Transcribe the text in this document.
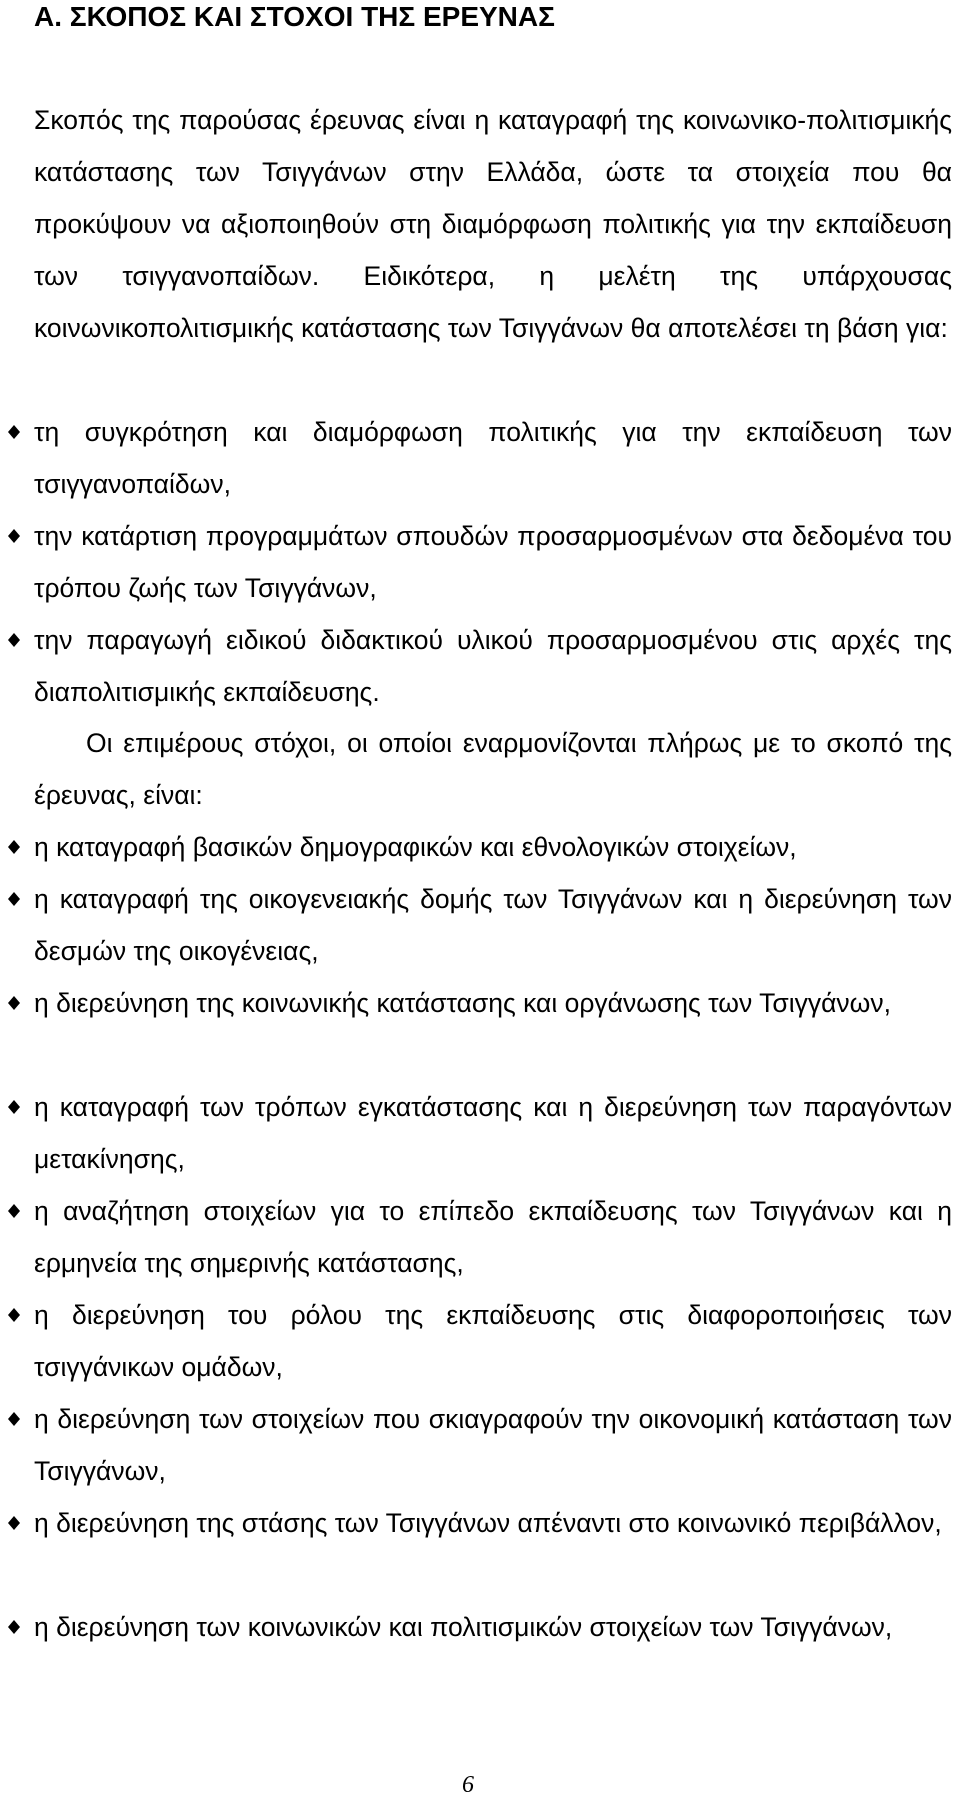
Α. ΣΚΟΠΟΣ ΚΑΙ ΣΤΟΧΟΙ ΤΗΣ ΕΡΕΥΝΑΣ

Σκοπός της παρούσας έρευνας είναι η καταγραφή της κοινωνικο-πολιτισμικής κατάστασης των Τσιγγάνων στην Ελλάδα, ώστε τα στοιχεία που θα προκύψουν να αξιοποιηθούν στη διαμόρφωση πολιτικής για την εκπαίδευση των τσιγγανοπαίδων. Ειδικότερα, η μελέτη της υπάρχουσας κοινωνικοπολιτισμικής κατάστασης των Τσιγγάνων θα αποτελέσει τη βάση για:

τη συγκρότηση και διαμόρφωση πολιτικής για την εκπαίδευση των τσιγγανοπαίδων,
την κατάρτιση προγραμμάτων σπουδών προσαρμοσμένων στα δεδομένα του τρόπου ζωής των Τσιγγάνων,
την παραγωγή ειδικού διδακτικού υλικού προσαρμοσμένου στις αρχές της διαπολιτισμικής εκπαίδευσης.

Οι επιμέρους στόχοι, οι οποίοι εναρμονίζονται πλήρως με το σκοπό της έρευνας, είναι:

η καταγραφή βασικών δημογραφικών και εθνολογικών στοιχείων,
η καταγραφή της οικογενειακής δομής των Τσιγγάνων και η διερεύνηση των δεσμών της οικογένειας,
η διερεύνηση της κοινωνικής κατάστασης και οργάνωσης των Τσιγγάνων,
η καταγραφή των τρόπων εγκατάστασης και η διερεύνηση των παραγόντων μετακίνησης,
η αναζήτηση στοιχείων για το επίπεδο εκπαίδευσης των Τσιγγάνων και η ερμηνεία της σημερινής κατάστασης,
η διερεύνηση του ρόλου της εκπαίδευσης στις διαφοροποιήσεις των τσιγγάνικων ομάδων,
η διερεύνηση των στοιχείων που σκιαγραφούν την οικονομική κατάσταση των Τσιγγάνων,
η διερεύνηση της στάσης των Τσιγγάνων απέναντι στο κοινωνικό περιβάλλον,
η διερεύνηση των κοινωνικών και πολιτισμικών στοιχείων των Τσιγγάνων,
6
